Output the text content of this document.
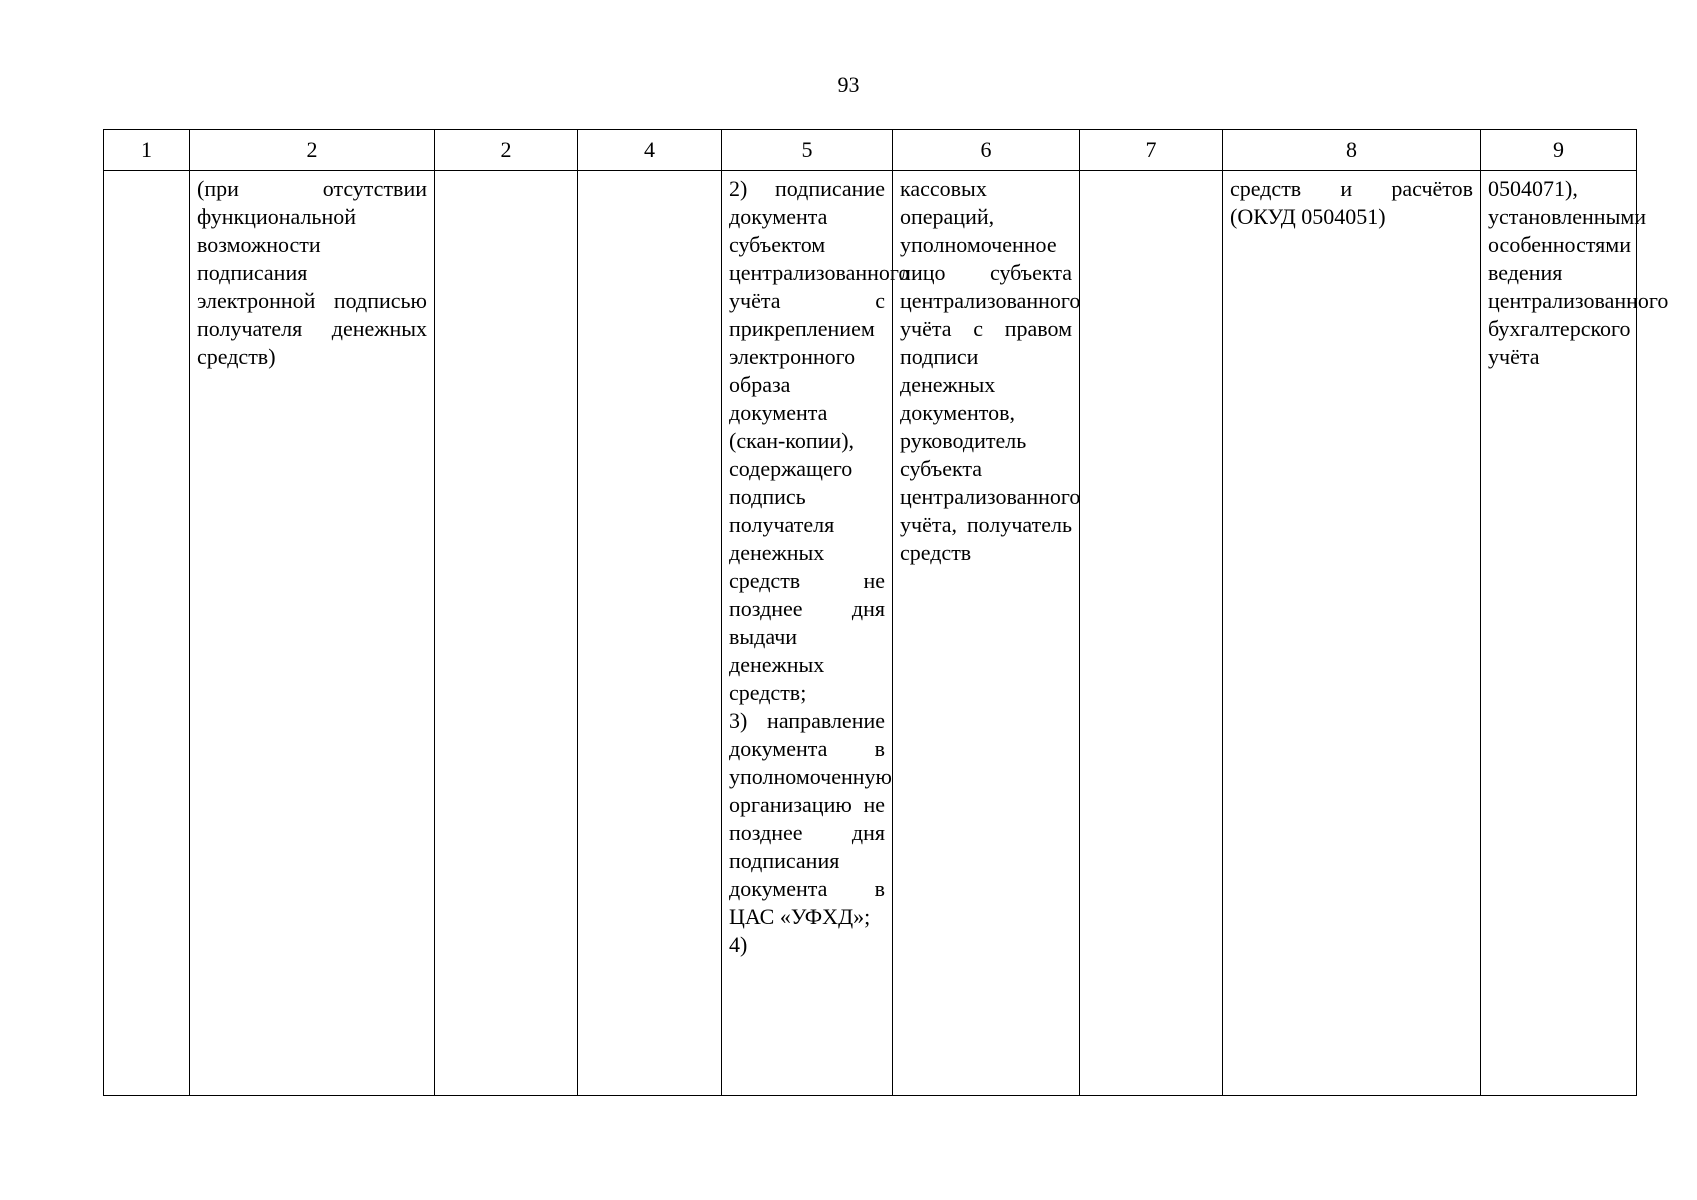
93
1	2	2	4	5	6	7	8	9
	(при отсутствии функциональной возможности подписания электронной подписью получателя денежных средств)			2) подписание документа субъектом централизованного учёта с прикреплением электронного образа документа (скан-копии), содержащего подпись получателя денежных средств не позднее дня выдачи денежных средств;
3) направление документа в уполномоченную организацию не позднее дня подписания документа в ЦАС «УФХД»;
4)	кассовых операций, уполномоченное лицо субъекта централизованного учёта с правом подписи денежных документов, руководитель субъекта централизованного учёта, получатель средств		средств и расчётов (ОКУД 0504051)	0504071), установленными особенностями ведения централизованного бухгалтерского учёта
